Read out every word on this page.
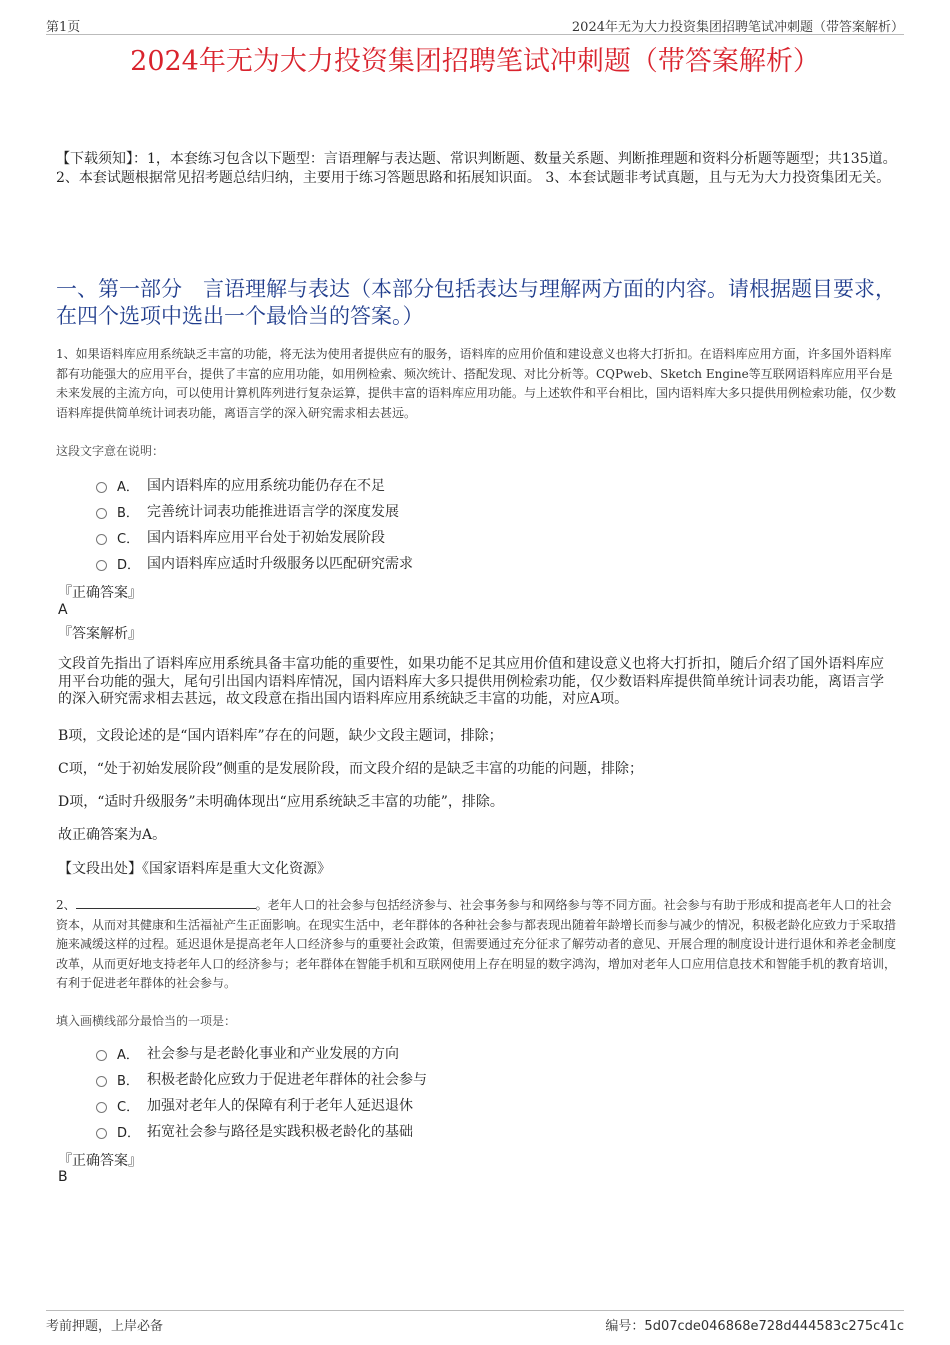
第1页	2024年无为大力投资集团招聘笔试冲刺题（带答案解析）
2024年无为大力投资集团招聘笔试冲刺题（带答案解析）
【下载须知】：1，本套练习包含以下题型：言语理解与表达题、常识判断题、数量关系题、判断推理题和资料分析题等题型；共135道。 2、本套试题根据常见招考题总结归纳，主要用于练习答题思路和拓展知识面。 3、本套试题非考试真题，且与无为大力投资集团无关。
一、第一部分　言语理解与表达（本部分包括表达与理解两方面的内容。请根据题目要求，在四个选项中选出一个最恰当的答案。）
1、如果语料库应用系统缺乏丰富的功能，将无法为使用者提供应有的服务，语料库的应用价值和建设意义也将大打折扣。在语料库应用方面，许多国外语料库都有功能强大的应用平台，提供了丰富的应用功能，如用例检索、频次统计、搭配发现、对比分析等。CQPweb、Sketch Engine等互联网语料库应用平台是未来发展的主流方向，可以使用计算机阵列进行复杂运算，提供丰富的语料库应用功能。与上述软件和平台相比，国内语料库大多只提供用例检索功能，仅少数语料库提供简单统计词表功能，离语言学的深入研究需求相去甚远。
这段文字意在说明：
A． 国内语料库的应用系统功能仍存在不足
B． 完善统计词表功能推进语言学的深度发展
C． 国内语料库应用平台处于初始发展阶段
D． 国内语料库应适时升级服务以匹配研究需求
『正确答案』
A
『答案解析』
文段首先指出了语料库应用系统具备丰富功能的重要性，如果功能不足其应用价值和建设意义也将大打折扣，随后介绍了国外语料库应用平台功能的强大，尾句引出国内语料库情况，国内语料库大多只提供用例检索功能，仅少数语料库提供简单统计词表功能，离语言学的深入研究需求相去甚远，故文段意在指出国内语料库应用系统缺乏丰富的功能，对应A项。
B项，文段论述的是“国内语料库”存在的问题，缺少文段主题词，排除；
C项，“处于初始发展阶段”侧重的是发展阶段，而文段介绍的是缺乏丰富的功能的问题，排除；
D项，“适时升级服务”未明确体现出“应用系统缺乏丰富的功能”，排除。
故正确答案为A。
【文段出处】《国家语料库是重大文化资源》
2、	。老年人口的社会参与包括经济参与、社会事务参与和网络参与等不同方面。社会参与有助于形成和提高老年人口的社会资本，从而对其健康和生活福祉产生正面影响。在现实生活中，老年群体的各种社会参与都表现出随着年龄增长而参与减少的情况，积极老龄化应致力于采取措施来减缓这样的过程。延迟退休是提高老年人口经济参与的重要社会政策，但需要通过充分征求了解劳动者的意见、开展合理的制度设计进行退休和养老金制度改革，从而更好地支持老年人口的经济参与；老年群体在智能手机和互联网使用上存在明显的数字鸿沟，增加对老年人口应用信息技术和智能手机的教育培训，有利于促进老年群体的社会参与。
填入画横线部分最恰当的一项是：
A． 社会参与是老龄化事业和产业发展的方向
B． 积极老龄化应致力于促进老年群体的社会参与
C． 加强对老年人的保障有利于老年人延迟退休
D． 拓宽社会参与路径是实践积极老龄化的基础
『正确答案』
B
考前押题，上岸必备	编号：5d07cde046868e728d444583c275c41c
